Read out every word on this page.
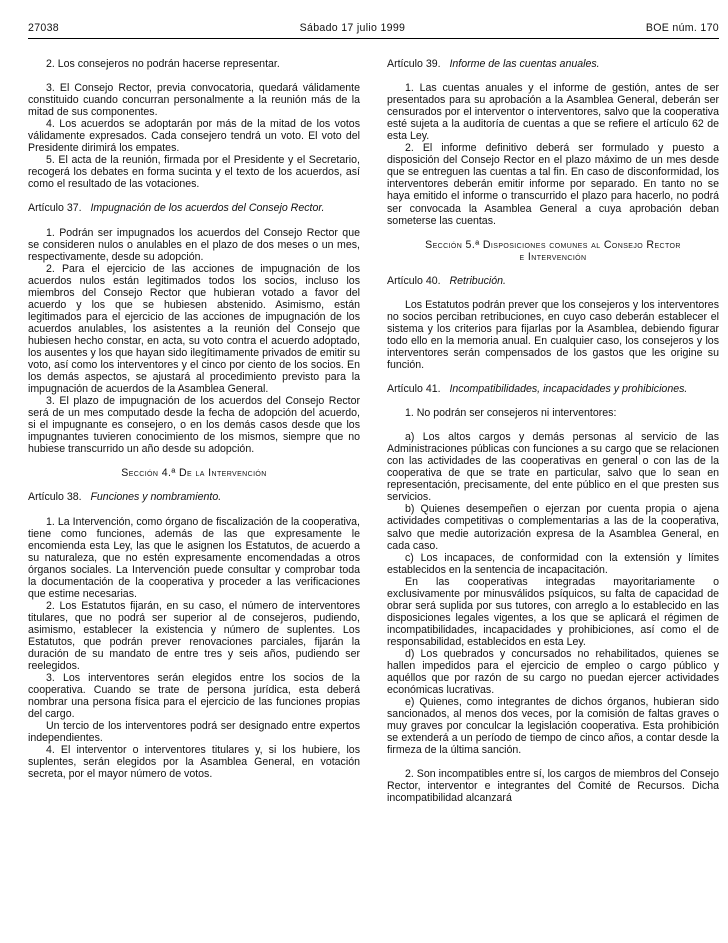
27038	Sábado 17 julio 1999	BOE núm. 170

2. Los consejeros no podrán hacerse representar.

3. El Consejo Rector, previa convocatoria, quedará válidamente constituido cuando concurran personalmente a la reunión más de la mitad de sus componentes.

4. Los acuerdos se adoptarán por más de la mitad de los votos válidamente expresados. Cada consejero tendrá un voto. El voto del Presidente dirimirá los empates.

5. El acta de la reunión, firmada por el Presidente y el Secretario, recogerá los debates en forma sucinta y el texto de los acuerdos, así como el resultado de las votaciones.

Artículo 37. Impugnación de los acuerdos del Consejo Rector.

1. Podrán ser impugnados los acuerdos del Consejo Rector que se consideren nulos o anulables en el plazo de dos meses o un mes, respectivamente, desde su adopción.

2. Para el ejercicio de las acciones de impugnación de los acuerdos nulos están legitimados todos los socios, incluso los miembros del Consejo Rector que hubieran votado a favor del acuerdo y los que se hubiesen abstenido. Asimismo, están legitimados para el ejercicio de las acciones de impugnación de los acuerdos anulables, los asistentes a la reunión del Consejo que hubiesen hecho constar, en acta, su voto contra el acuerdo adoptado, los ausentes y los que hayan sido ilegítimamente privados de emitir su voto, así como los interventores y el cinco por ciento de los socios. En los demás aspectos, se ajustará al procedimiento previsto para la impugnación de acuerdos de la Asamblea General.

3. El plazo de impugnación de los acuerdos del Consejo Rector será de un mes computado desde la fecha de adopción del acuerdo, si el impugnante es consejero, o en los demás casos desde que los impugnantes tuvieren conocimiento de los mismos, siempre que no hubiese transcurrido un año desde su adopción.

Sección 4.ª De la Intervención
Artículo 38. Funciones y nombramiento.

1. La Intervención, como órgano de fiscalización de la cooperativa, tiene como funciones, además de las que expresamente le encomienda esta Ley, las que le asignen los Estatutos, de acuerdo a su naturaleza, que no estén expresamente encomendadas a otros órganos sociales. La Intervención puede consultar y comprobar toda la documentación de la cooperativa y proceder a las verificaciones que estime necesarias.

2. Los Estatutos fijarán, en su caso, el número de interventores titulares, que no podrá ser superior al de consejeros, pudiendo, asimismo, establecer la existencia y número de suplentes. Los Estatutos, que podrán prever renovaciones parciales, fijarán la duración de su mandato de entre tres y seis años, pudiendo ser reelegidos.

3. Los interventores serán elegidos entre los socios de la cooperativa. Cuando se trate de persona jurídica, esta deberá nombrar una persona física para el ejercicio de las funciones propias del cargo.

Un tercio de los interventores podrá ser designado entre expertos independientes.

4. El interventor o interventores titulares y, si los hubiere, los suplentes, serán elegidos por la Asamblea General, en votación secreta, por el mayor número de votos.

Artículo 39. Informe de las cuentas anuales.

1. Las cuentas anuales y el informe de gestión, antes de ser presentados para su aprobación a la Asamblea General, deberán ser censurados por el interventor o interventores, salvo que la cooperativa esté sujeta a la auditoría de cuentas a que se refiere el artículo 62 de esta Ley.

2. El informe definitivo deberá ser formulado y puesto a disposición del Consejo Rector en el plazo máximo de un mes desde que se entreguen las cuentas a tal fin. En caso de disconformidad, los interventores deberán emitir informe por separado. En tanto no se haya emitido el informe o transcurrido el plazo para hacerlo, no podrá ser convocada la Asamblea General a cuya aprobación deban someterse las cuentas.

Sección 5.ª Disposiciones comunes al Consejo Rector
e Intervención
Artículo 40. Retribución.

Los Estatutos podrán prever que los consejeros y los interventores no socios perciban retribuciones, en cuyo caso deberán establecer el sistema y los criterios para fijarlas por la Asamblea, debiendo figurar todo ello en la memoria anual. En cualquier caso, los consejeros y los interventores serán compensados de los gastos que les origine su función.

Artículo 41. Incompatibilidades, incapacidades y prohibiciones.

1. No podrán ser consejeros ni interventores:

a) Los altos cargos y demás personas al servicio de las Administraciones públicas con funciones a su cargo que se relacionen con las actividades de las cooperativas en general o con las de la cooperativa de que se trate en particular, salvo que lo sean en representación, precisamente, del ente público en el que presten sus servicios.

b) Quienes desempeñen o ejerzan por cuenta propia o ajena actividades competitivas o complementarias a las de la cooperativa, salvo que medie autorización expresa de la Asamblea General, en cada caso.

c) Los incapaces, de conformidad con la extensión y límites establecidos en la sentencia de incapacitación.

En las cooperativas integradas mayoritariamente o exclusivamente por minusválidos psíquicos, su falta de capacidad de obrar será suplida por sus tutores, con arreglo a lo establecido en las disposiciones legales vigentes, a los que se aplicará el régimen de incompatibilidades, incapacidades y prohibiciones, así como el de responsabilidad, establecidos en esta Ley.

d) Los quebrados y concursados no rehabilitados, quienes se hallen impedidos para el ejercicio de empleo o cargo público y aquéllos que por razón de su cargo no puedan ejercer actividades económicas lucrativas.

e) Quienes, como integrantes de dichos órganos, hubieran sido sancionados, al menos dos veces, por la comisión de faltas graves o muy graves por conculcar la legislación cooperativa. Esta prohibición se extenderá a un período de tiempo de cinco años, a contar desde la firmeza de la última sanción.

2. Son incompatibles entre sí, los cargos de miembros del Consejo Rector, interventor e integrantes del Comité de Recursos. Dicha incompatibilidad alcanzará
